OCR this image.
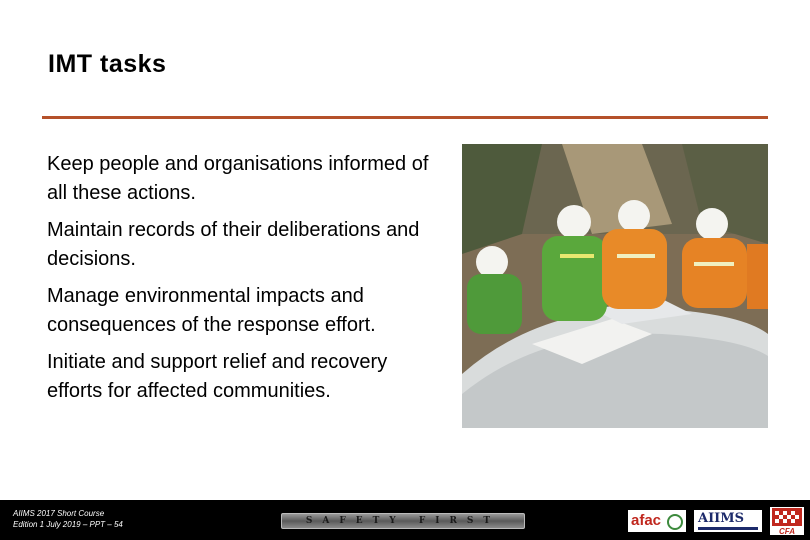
IMT tasks
Keep people and organisations informed of all these actions.
Maintain records of their deliberations and decisions.
Manage environmental impacts and consequences of the response effort.
Initiate and support relief and recovery efforts for affected communities.
AIIMS 2017 Short Course
Edition 1 July 2019 – PPT – 54	SAFETY FIRST	afac	AIIMS
CFA
